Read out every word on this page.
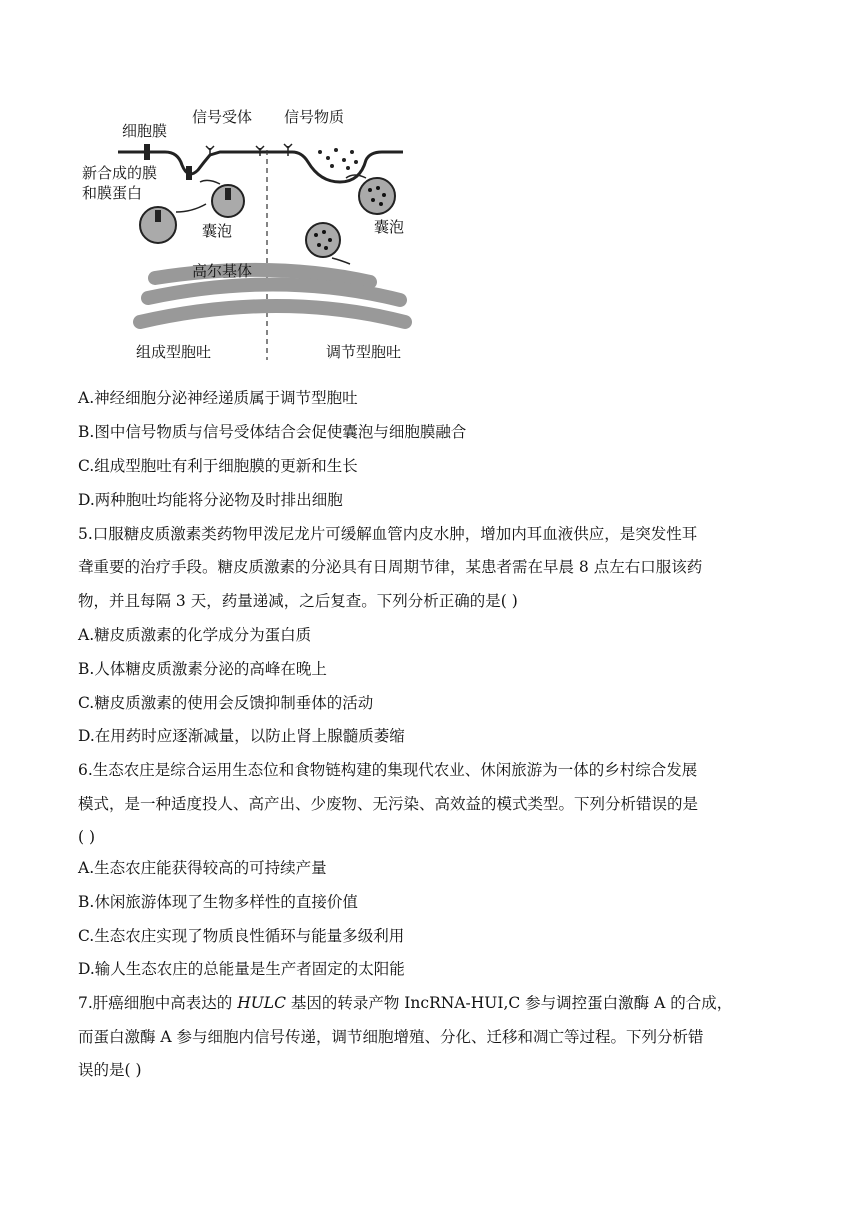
细胞膜
信号受体 信号物质
新合成的膜
和膜蛋白
囊泡	囊泡
高尔基体
组成型胞吐	调节型胞吐
A.神经细胞分泌神经递质属于调节型胞吐
B.图中信号物质与信号受体结合会促使囊泡与细胞膜融合
C.组成型胞吐有利于细胞膜的更新和生长
D.两种胞吐均能将分泌物及时排出细胞
5.口服糖皮质激素类药物甲泼尼龙片可缓解血管内皮水肿，增加内耳血液供应，是突发性耳
聋重要的治疗手段。糖皮质激素的分泌具有日周期节律，某患者需在早晨 8 点左右口服该药
物，并且每隔 3 天，药量递减，之后复查。下列分析正确的是( )
A.糖皮质激素的化学成分为蛋白质
B.人体糖皮质激素分泌的高峰在晚上
C.糖皮质激素的使用会反馈抑制垂体的活动
D.在用药时应逐渐减量，以防止肾上腺髓质萎缩
6.生态农庄是综合运用生态位和食物链构建的集现代农业、休闲旅游为一体的乡村综合发展
模式，是一种适度投人、高产出、少废物、无污染、高效益的模式类型。下列分析错误的是
( )
A.生态农庄能获得较高的可持续产量
B.休闲旅游体现了生物多样性的直接价值
C.生态农庄实现了物质良性循环与能量多级利用
D.输人生态农庄的总能量是生产者固定的太阳能
7.肝癌细胞中高表达的 HULC 基因的转录产物 IncRNA-HUI,C 参与调控蛋白激酶 A 的合成，
而蛋白激酶 A 参与细胞内信号传递，调节细胞增殖、分化、迁移和凋亡等过程。下列分析错
误的是( )
